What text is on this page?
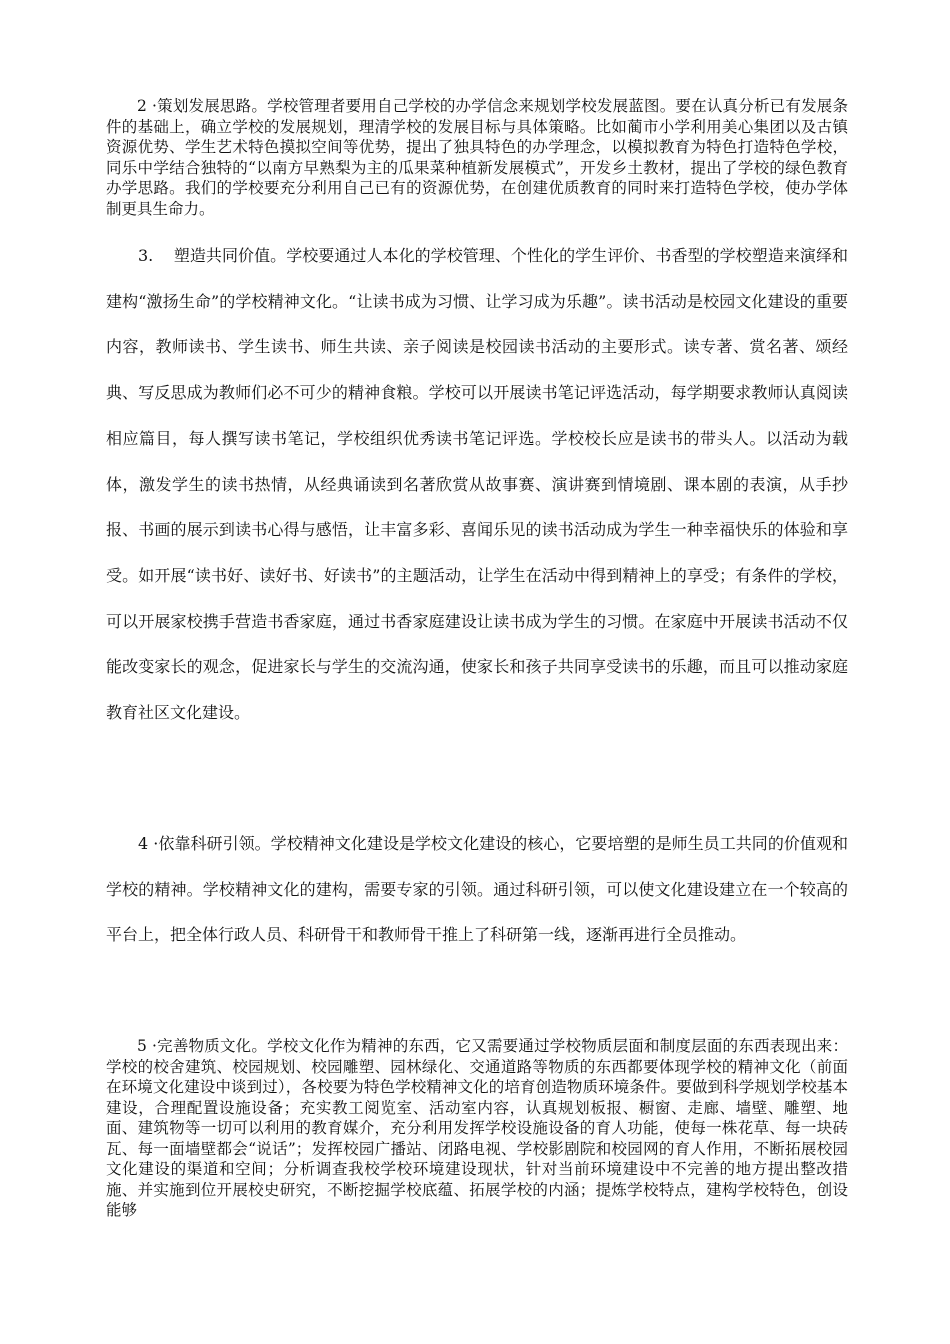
2 ·策划发展思路。学校管理者要用自己学校的办学信念来规划学校发展蓝图。要在认真分析已有发展条件的基础上，确立学校的发展规划，理清学校的发展目标与具体策略。比如蔺市小学利用美心集团以及古镇资源优势、学生艺术特色摸拟空间等优势，提出了独具特色的办学理念，以模拟教育为特色打造特色学校，同乐中学结合独特的“以南方早熟梨为主的瓜果菜种植新发展模式”，开发乡土教材，提出了学校的绿色教育办学思路。我们的学校要充分利用自己已有的资源优势，在创建优质教育的同时来打造特色学校，使办学体制更具生命力。

3.    塑造共同价值。学校要通过人本化的学校管理、个性化的学生评价、书香型的学校塑造来演绎和建构“激扬生命”的学校精神文化。“让读书成为习惯、让学习成为乐趣”。读书活动是校园文化建设的重要内容，教师读书、学生读书、师生共读、亲子阅读是校园读书活动的主要形式。读专著、赏名著、颂经典、写反思成为教师们必不可少的精神食粮。学校可以开展读书笔记评选活动，每学期要求教师认真阅读相应篇目，每人撰写读书笔记，学校组织优秀读书笔记评选。学校校长应是读书的带头人。以活动为载体，激发学生的读书热情，从经典诵读到名著欣赏从故事赛、演讲赛到情境剧、课本剧的表演，从手抄报、书画的展示到读书心得与感悟，让丰富多彩、喜闻乐见的读书活动成为学生一种幸福快乐的体验和享受。如开展“读书好、读好书、好读书”的主题活动，让学生在活动中得到精神上的享受；有条件的学校，可以开展家校携手营造书香家庭，通过书香家庭建设让读书成为学生的习惯。在家庭中开展读书活动不仅能改变家长的观念，促进家长与学生的交流沟通，使家长和孩子共同享受读书的乐趣，而且可以推动家庭教育社区文化建设。

4 ·依靠科研引领。学校精神文化建设是学校文化建设的核心，它要培塑的是师生员工共同的价值观和学校的精神。学校精神文化的建构，需要专家的引领。通过科研引领，可以使文化建设建立在一个较高的平台上，把全体行政人员、科研骨干和教师骨干推上了科研第一线，逐渐再进行全员推动。

5 ·完善物质文化。学校文化作为精神的东西，它又需要通过学校物质层面和制度层面的东西表现出来：学校的校舍建筑、校园规划、校园雕塑、园林绿化、交通道路等物质的东西都要体现学校的精神文化（前面在环境文化建设中谈到过），各校要为特色学校精神文化的培育创造物质环境条件。要做到科学规划学校基本建设，合理配置设施设备；充实教工阅览室、活动室内容，认真规划板报、橱窗、走廊、墙壁、雕塑、地面、建筑物等一切可以利用的教育媒介，充分利用发挥学校设施设备的育人功能，使每一株花草、每一块砖瓦、每一面墙壁都会“说话”；发挥校园广播站、闭路电视、学校影剧院和校园网的育人作用，不断拓展校园文化建设的渠道和空间；分析调查我校学校环境建设现状，针对当前环境建设中不完善的地方提出整改措施、并实施到位开展校史研究，不断挖掘学校底蕴、拓展学校的内涵；提炼学校特点，建构学校特色，创设能够
